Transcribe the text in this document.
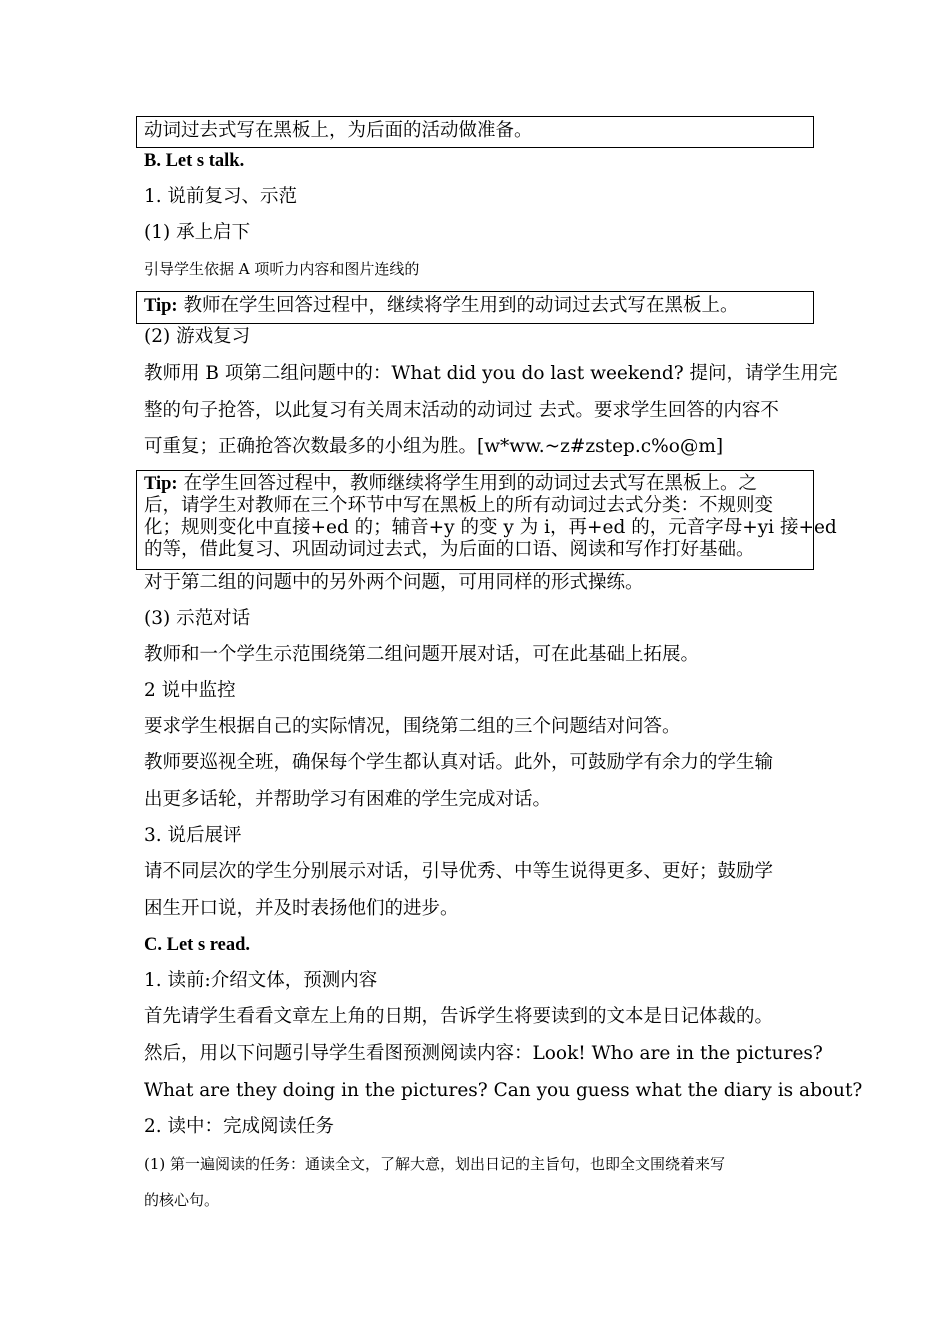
动词过去式写在黑板上，为后面的活动做准备。
B. Let s talk.
1. 说前复习、示范
(1) 承上启下
引导学生依据 A 项听力内容和图片连线的
Tip: 教师在学生回答过程中，继续将学生用到的动词过去式写在黑板上。
(2) 游戏复习
教师用 B 项第二组问题中的：What did you do last weekend? 提问，请学生用完
整的句子抢答，以此复习有关周末活动的动词过 去式。要求学生回答的内容不
可重复；正确抢答次数最多的小组为胜。[w*ww.~z#zstep.c%o@m]
Tip: 在学生回答过程中，教师继续将学生用到的动词过去式写在黑板上。之
后，请学生对教师在三个环节中写在黑板上的所有动词过去式分类：不规则变
化；规则变化中直接+ed 的；辅音+y 的变 y 为 i，再+ed 的，元音字母+yi 接+ed
的等，借此复习、巩固动词过去式，为后面的口语、阅读和写作打好基础。
对于第二组的问题中的另外两个问题，可用同样的形式操练。
(3) 示范对话
教师和一个学生示范围绕第二组问题开展对话，可在此基础上拓展。
2 说中监控
要求学生根据自己的实际情况，围绕第二组的三个问题结对问答。
教师要巡视全班，确保每个学生都认真对话。此外，可鼓励学有余力的学生输
出更多话轮，并帮助学习有困难的学生完成对话。
3. 说后展评
请不同层次的学生分别展示对话，引导优秀、中等生说得更多、更好；鼓励学
困生开口说，并及时表扬他们的进步。
C. Let s read.
1. 读前:介绍文体，预测内容
首先请学生看看文章左上角的日期，告诉学生将要读到的文本是日记体裁的。
然后，用以下问题引导学生看图预测阅读内容：Look! Who are in the pictures?
What are they doing in the pictures? Can you guess what the diary is about?
2. 读中：完成阅读任务
(1) 第一遍阅读的任务：通读全文，了解大意，划出日记的主旨句，也即全文围绕着来写
的核心句。
